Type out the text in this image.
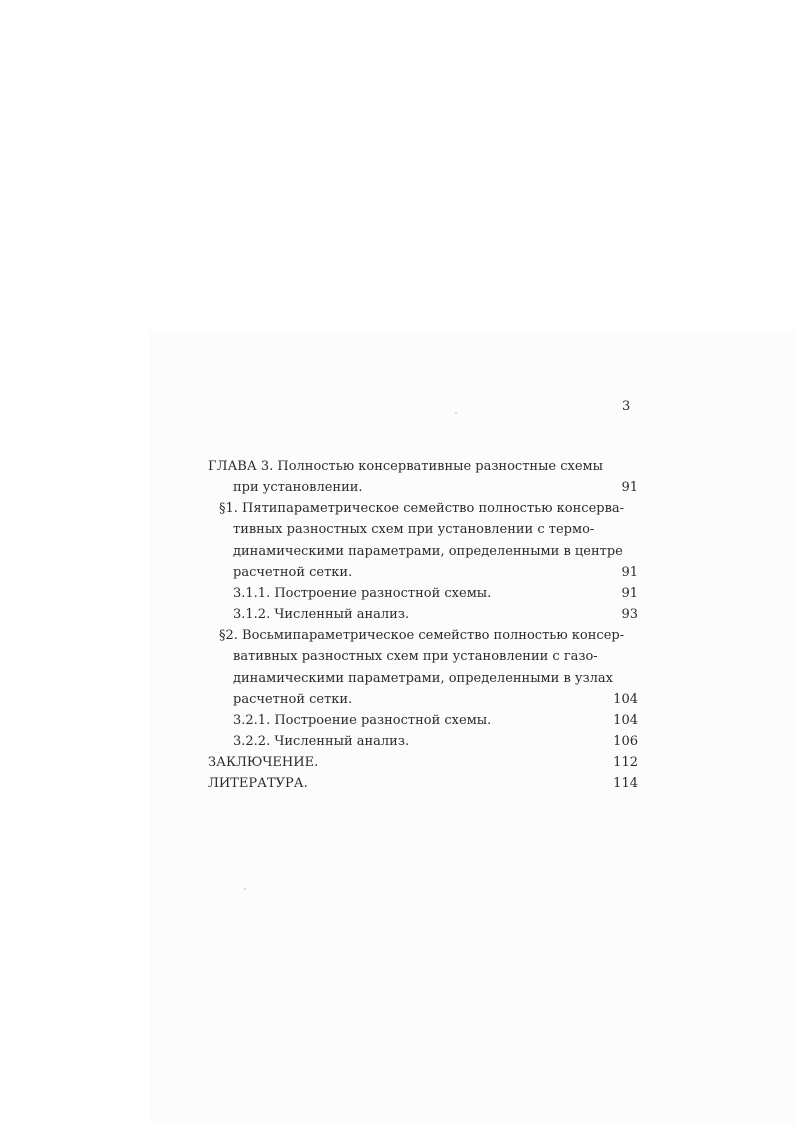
3
ГЛАВА 3. Полностью консервативные разностные схемы
при установлении.	91
§1. Пятипараметрическое семейство полностью консерва-
тивных разностных схем при установлении с термо-
динамическими параметрами, определенными в центре
расчетной сетки.	91
3.1.1. Построение разностной схемы.	91
3.1.2. Численный анализ.	93
§2. Восьмипараметрическое семейство полностью консер-
вативных разностных схем при установлении с газо-
динамическими параметрами, определенными в узлах
расчетной сетки.	104
3.2.1. Построение разностной схемы.	104
3.2.2. Численный анализ.	106
ЗАКЛЮЧЕНИЕ.	112
ЛИТЕРАТУРА.	114
